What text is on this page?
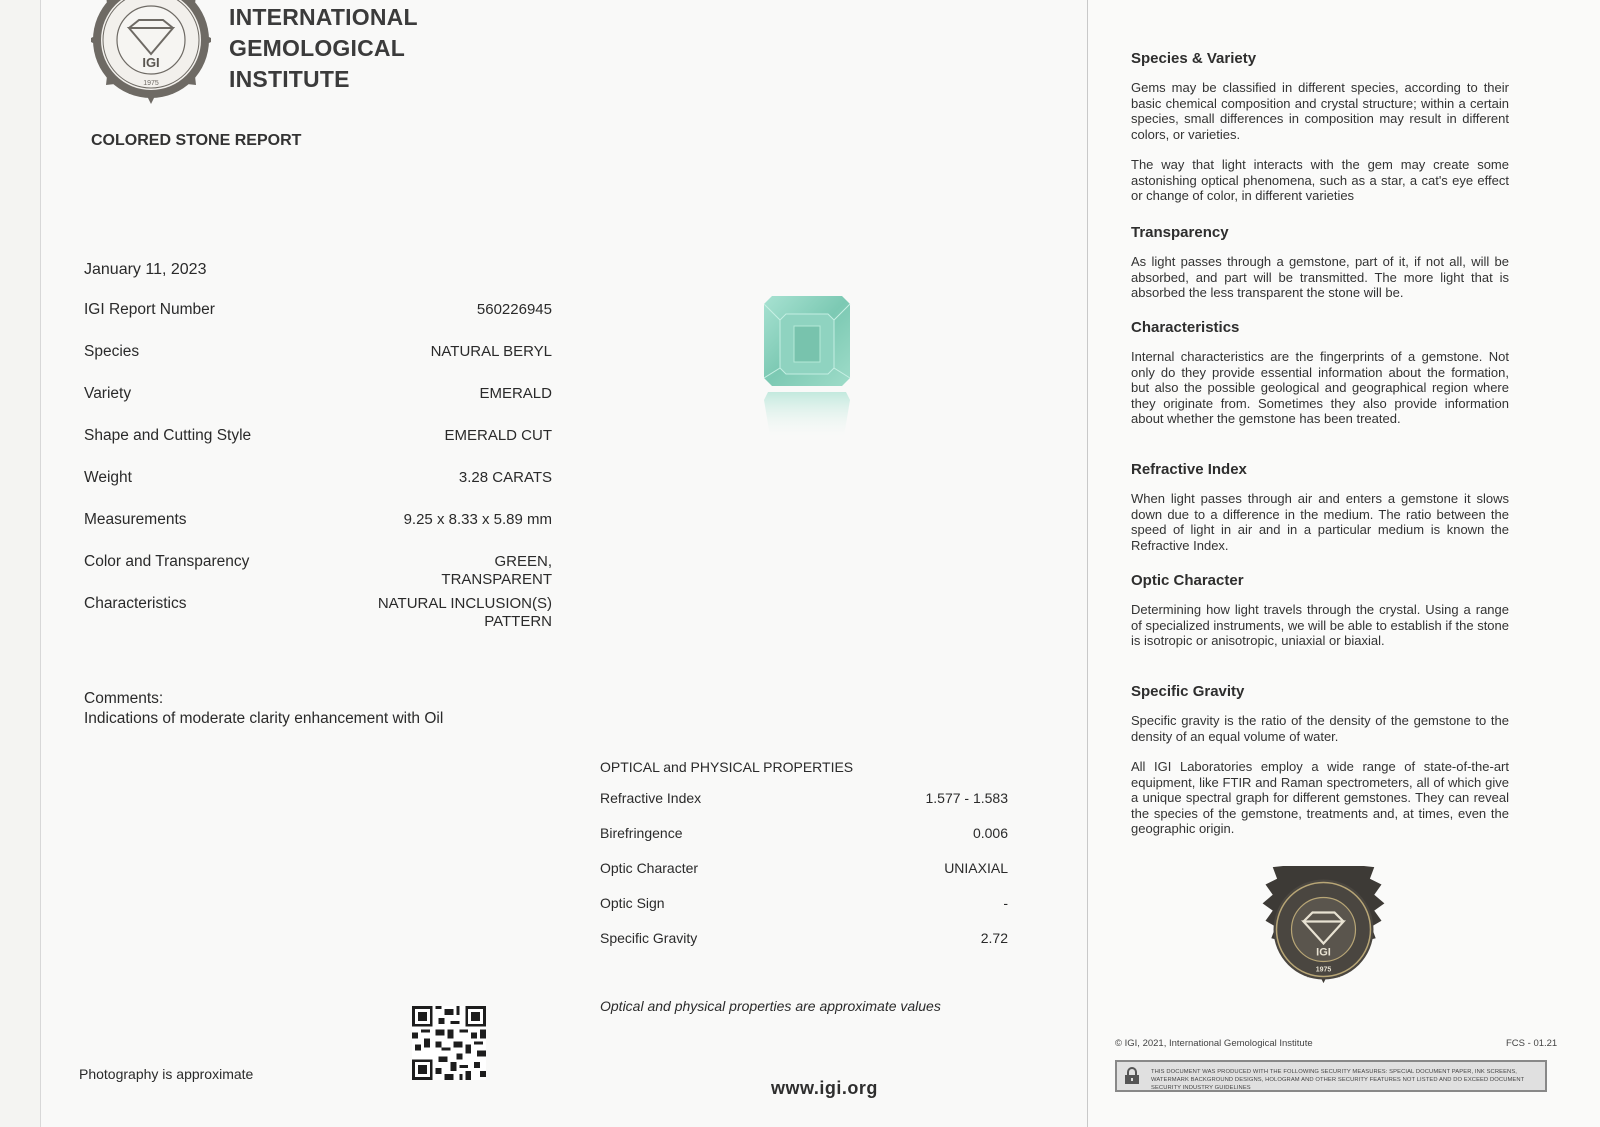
IGI
1975
INTERNATIONAL
GEMOLOGICAL
INSTITUTE
COLORED STONE REPORT
January 11, 2023
IGI Report Number	560226945
Species	NATURAL BERYL
Variety	EMERALD
Shape and Cutting Style	EMERALD CUT
Weight	3.28 CARATS
Measurements	9.25 x 8.33 x 5.89 mm
Color and Transparency	GREEN,
TRANSPARENT
Characteristics	NATURAL INCLUSION(S)
PATTERN
Comments:
Indications of moderate clarity enhancement with Oil
Photography is approximate
OPTICAL and PHYSICAL PROPERTIES
Refractive Index	1.577 - 1.583
Birefringence	0.006
Optic Character	UNIAXIAL
Optic Sign	-
Specific Gravity	2.72
Optical and physical properties are approximate values
www.igi.org
Species & Variety

Gems may be classified in different species, according to their basic chemical composition and crystal structure; within a certain species, small differences in composition may result in different colors, or varieties.

The way that light interacts with the gem may create some astonishing optical phenomena, such as a star, a cat's eye effect or change of color, in different varieties

Transparency

As light passes through a gemstone, part of it, if not all, will be absorbed, and part will be transmitted. The more light that is absorbed the less transparent the stone will be.

Characteristics

Internal characteristics are the fingerprints of a gemstone. Not only do they provide essential information about the formation, but also the possible geological and geographical region where they originate from. Sometimes they also provide information about whether the gemstone has been treated.

Refractive Index

When light passes through air and enters a gemstone it slows down due to a difference in the medium. The ratio between the speed of light in air and in a particular medium is known the Refractive Index.

Optic Character

Determining how light travels through the crystal. Using a range of specialized instruments, we will be able to establish if the stone is isotropic or anisotropic, uniaxial or biaxial.

Specific Gravity

Specific gravity is the ratio of the density of the gemstone to the density of an equal volume of water.

All IGI Laboratories employ a wide range of state-of-the-art equipment, like FTIR and Raman spectrometers, all of which give a unique spectral graph for different gemstones. They can reveal the species of the gemstone, treatments and, at times, even the geographic origin.

IGI
1975
© IGI, 2021, International Gemological Institute	FCS - 01.21
THIS DOCUMENT WAS PRODUCED WITH THE FOLLOWING SECURITY MEASURES: SPECIAL DOCUMENT PAPER, INK SCREENS, WATERMARK BACKGROUND DESIGNS, HOLOGRAM AND OTHER SECURITY FEATURES NOT LISTED AND DO EXCEED DOCUMENT SECURITY INDUSTRY GUIDELINES
